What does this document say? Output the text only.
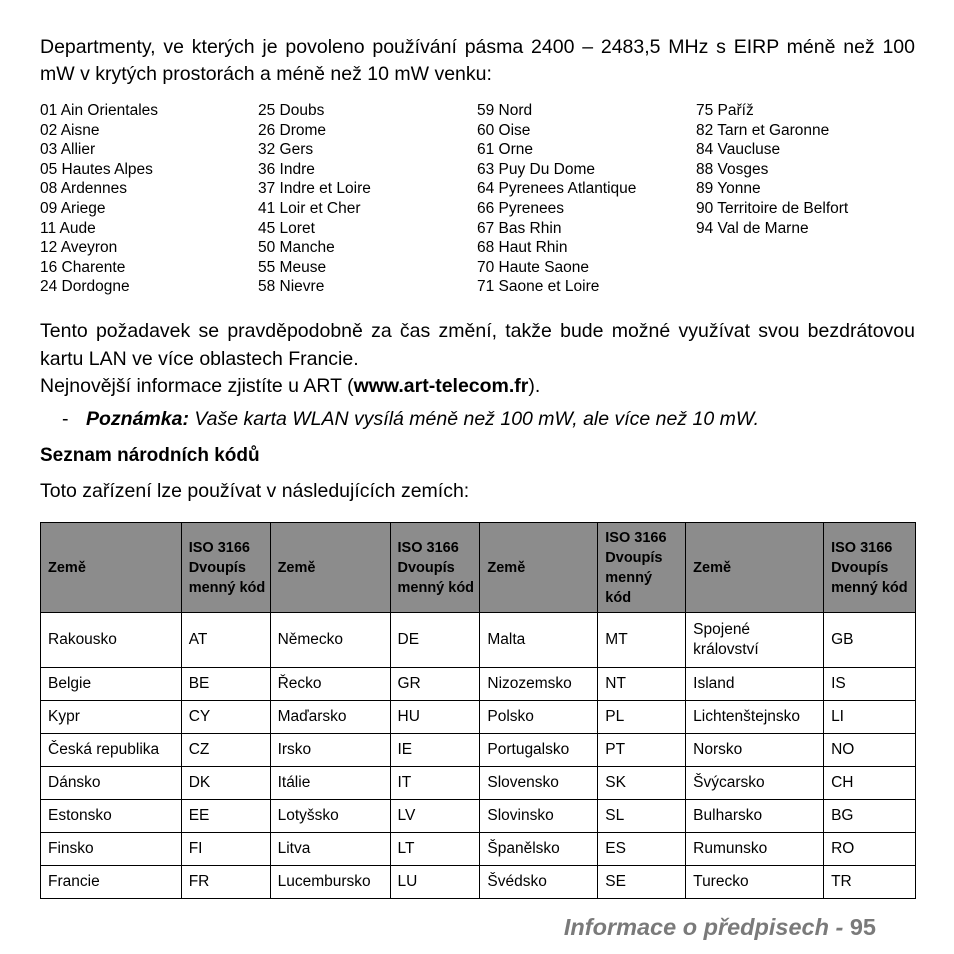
Departmenty, ve kterých je povoleno používání pásma 2400 – 2483,5 MHz s EIRP méně než 100 mW v krytých prostorách a méně než 10 mW venku:

01 Ain Orientales
02 Aisne
03 Allier
05 Hautes Alpes
08 Ardennes
09 Ariege
11 Aude
12 Aveyron
16 Charente
24 Dordogne
25 Doubs
26 Drome
32 Gers
36 Indre
37 Indre et Loire
41 Loir et Cher
45 Loret
50 Manche
55 Meuse
58 Nievre
59 Nord
60 Oise
61 Orne
63 Puy Du Dome
64 Pyrenees Atlantique
66 Pyrenees
67 Bas Rhin
68 Haut Rhin
70 Haute Saone
71 Saone et Loire
75 Paříž
82 Tarn et Garonne
84 Vaucluse
88 Vosges
89 Yonne
90 Territoire de Belfort
94 Val de Marne

Tento požadavek se pravděpodobně za čas změní, takže bude možné využívat svou bezdrátovou kartu LAN ve více oblastech Francie.

Nejnovější informace zjistíte u ART (www.art-telecom.fr).

- Poznámka: Vaše karta WLAN vysílá méně než 100 mW, ale více než 10 mW.

Seznam národních kódů

Toto zařízení lze používat v následujících zemích:

Země	ISO 3166 Dvoupís menný kód	Země	ISO 3166 Dvoupís menný kód	Země	ISO 3166 Dvoupís menný kód	Země	ISO 3166 Dvoupís menný kód
Rakousko	AT	Německo	DE	Malta	MT	Spojené království	GB
Belgie	BE	Řecko	GR	Nizozemsko	NT	Island	IS
Kypr	CY	Maďarsko	HU	Polsko	PL	Lichtenštejnsko	LI
Česká republika	CZ	Irsko	IE	Portugalsko	PT	Norsko	NO
Dánsko	DK	Itálie	IT	Slovensko	SK	Švýcarsko	CH
Estonsko	EE	Lotyšsko	LV	Slovinsko	SL	Bulharsko	BG
Finsko	FI	Litva	LT	Španělsko	ES	Rumunsko	RO
Francie	FR	Lucembursko	LU	Švédsko	SE	Turecko	TR
Informace o předpisech - 95
